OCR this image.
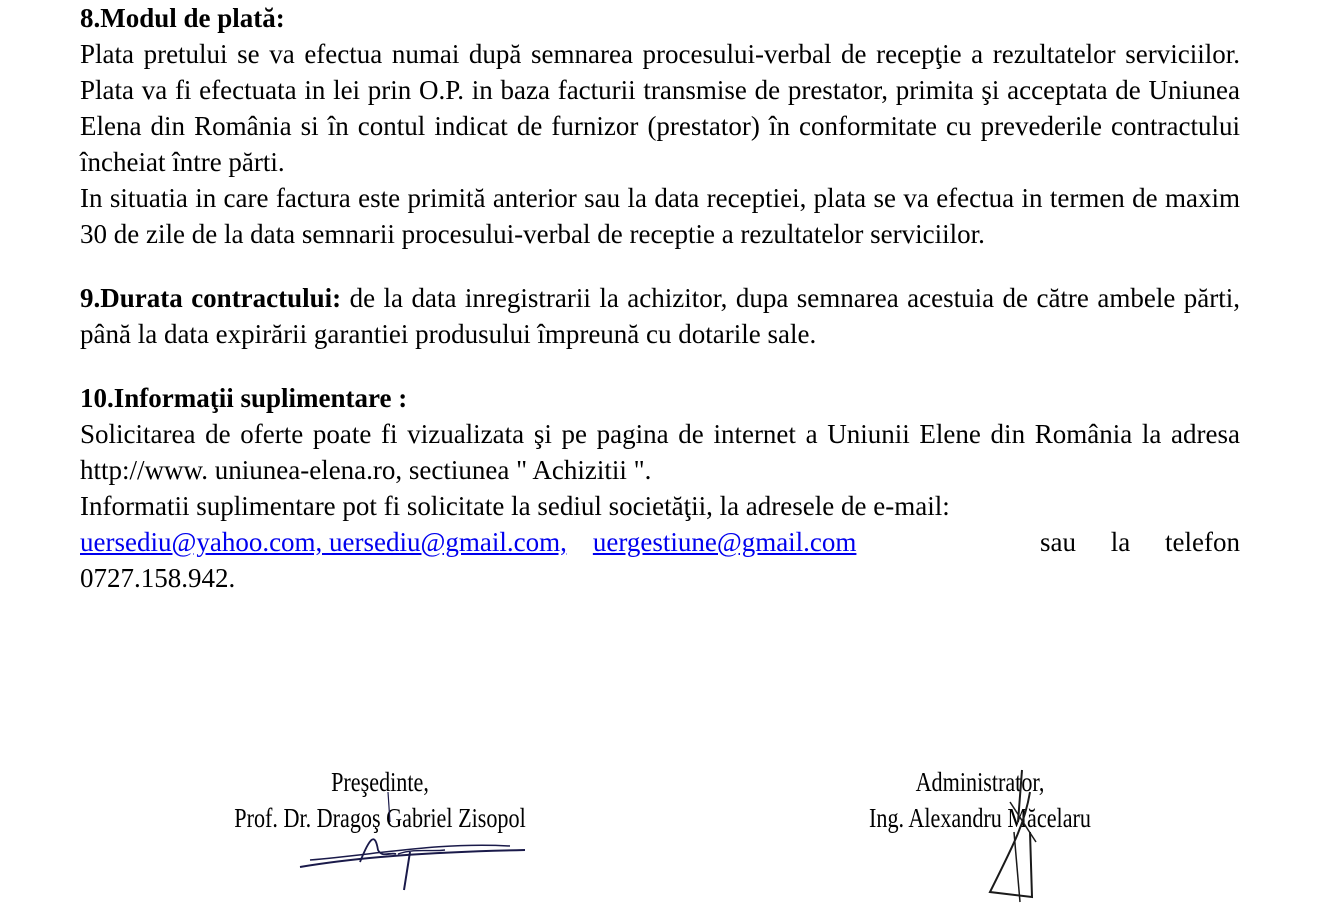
8.Modul de plată:

Plata pretului se va efectua numai după semnarea procesului-verbal de recepţie a rezultatelor serviciilor. Plata va fi efectuata in lei prin O.P. in baza facturii transmise de prestator, primita şi acceptata de Uniunea Elena din România si în contul indicat de furnizor (prestator) în conformitate cu prevederile contractului încheiat între părti.

In situatia in care factura este primită anterior sau la data receptiei, plata se va efectua in termen de maxim 30 de zile de la data semnarii procesului-verbal de receptie a rezultatelor serviciilor.

9.Durata contractului: de la data inregistrarii la achizitor, dupa semnarea acestuia de către ambele părti, până la data expirării garantiei produsului împreună cu dotarile sale.

10.Informaţii suplimentare :

Solicitarea de oferte poate fi vizualizata şi pe pagina de internet a Uniunii Elene din România la adresa http://www. uniunea-elena.ro, sectiunea " Achizitii ".

Informatii suplimentare pot fi solicitate la sediul societăţii, la adresele de e-mail:

uersediu@yahoo.com, uersediu@gmail.com, uergestiune@gmail.com	sau la telefon
0727.158.942.
Preşedinte,
Prof. Dr. Dragoş Gabriel Zisopol
Administrator,
Ing. Alexandru Măcelaru
